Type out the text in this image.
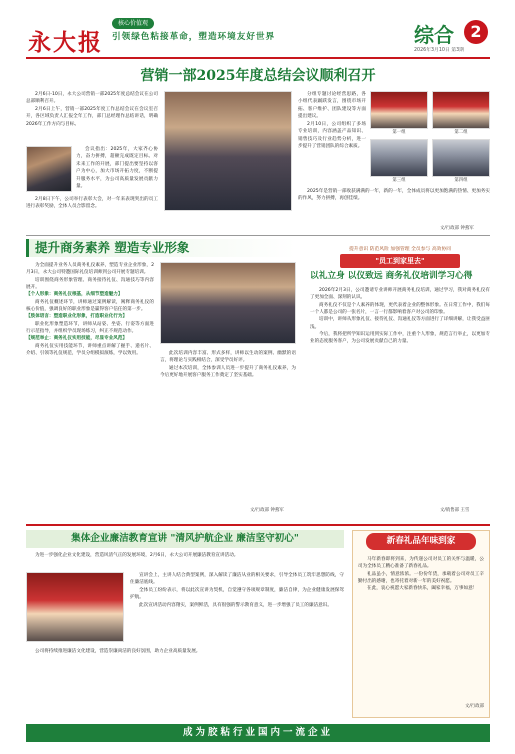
永大报
核心价值观
引领绿色粘接革命，塑造环境友好世界	综合	2
2026年3月10日 第3期
营销一部2025年度总结会议顺利召开

2月6日-10日，永大公司营销一部2025年度总结会议在公司总部顺利召开。

2月6日上午，营销一部2025年度工作总结会议在会议室召开，各区域负责人汇报全年工作，部门总经理作总结讲话，明确2026年工作方向与目标。

会议指出：2025年，大家齐心协力，奋力拼搏，超额完成既定目标。对未来工作的开展，部门提出要坚持以客户为中心，加大市场开拓力度，不断提升服务水平，为公司高质量发展贡献力量。

2月8日下午，公司举行表彰大会，对一年来表现突出的员工进行表彰奖励，全体人员合影留念。

分组专题讨论经营思路，各小组代表踊跃发言，围绕市场开拓、客户维护、团队建设等方面提出建议。

2月10日，公司组织了多场专业培训，内容涵盖产品知识、销售技巧及行业趋势分析，进一步提升了营销团队的综合素质。

第一组	第二组
第三组	第四组

2025年是营销一部收获满满的一年，新的一年，全体成员将以更加饱满的热情、更加务实的作风，努力拼搏，再创佳绩。

文/行政部 钟燕军
提升商务素养 塑造专业形象

为全面提升业务人员商务礼仪素养，塑造专业企业形象，2月3日，永大公司特邀国际礼仪培训师到公司开展专题培训。

培训围绕商务形象管理、商务接待礼仪、沟通技巧等内容展开。

【个人形象：商务礼仪根基，从细节塑造魅力】

商务礼仪概述环节，讲师通过案例解读，阐释商务礼仪的核心价值，强调良好的职业形象是赢得客户信任的第一步。

【肢体语言：塑造职业化形象，打造职业化行为】

职业化形象塑造环节，讲师从站姿、坐姿、行姿等方面进行示范指导，并组织学员现场练习，纠正不规范动作。

【规范举止：商务礼仪实用技能，尽显专业风范】

商务礼仪实用技能环节，讲师重点讲解了握手、递名片、介绍、引领等礼仪规范，学员分组模拟演练，学以致用。	此次培训内容丰富、形式多样，讲师以生动的案例、幽默的语言，将理论与实践相结合，深受学员好评。

通过本次培训，全体参训人员进一步提升了商务礼仪素养，为今后更好地开展客户服务工作奠定了坚实基础。

文/行政部 钟燕军
提升意识 防范风险 加强管理 全员参与 高效协同
"员工到家里去"
以礼立身 以仪致远 商务礼仪培训学习心得

2026年2月3日，公司邀请专业讲师开展商务礼仪培训，通过学习，我对商务礼仪有了更加全面、深刻的认识。

商务礼仪不仅是个人素养的体现，更代表着企业的整体形象。在日常工作中，我们每一个人都是公司的一张名片，一言一行都影响着客户对公司的印象。

培训中，讲师从形象礼仪、接待礼仪、沟通礼仪等方面进行了详细讲解，让我受益匪浅。

今后，我将把所学知识运用到实际工作中，注重个人形象，规范言行举止，以更加专业的态度服务客户，为公司发展贡献自己的力量。

文/销售部 王雪
集体企业廉洁教育宣讲 "清风护航企业 廉洁坚守初心"

为进一步强化企业文化建设，营造风清气正的发展环境，2月6日，永大公司开展廉洁教育宣讲活动。

宣讲会上，主讲人结合典型案例，深入解读了廉洁从业的相关要求，引导全体员工筑牢思想防线，守住廉洁底线。

全体员工纷纷表示，将以此次宣讲为契机，自觉遵守各项规章制度，廉洁自律，为企业健康发展保驾护航。

此次宣讲活动内容翔实，案例鲜活，具有很强的警示教育意义，进一步增强了员工的廉洁意识。

公司将持续推进廉洁文化建设，营造崇廉尚洁的良好氛围，助力企业高质量发展。

新春礼品年味到家

马年新春即将到来，为传递公司对员工的关怀与温暖，公司为全体员工精心准备了新春礼品。

礼品虽小，情意浓浓。一份份年货，承载着公司对员工辛勤付出的感谢，也寄托着对新一年的美好祝愿。

在此，衷心祝愿大家新春快乐，阖家幸福，万事如意！

文/行政部
成为胶粘行业国内一流企业
